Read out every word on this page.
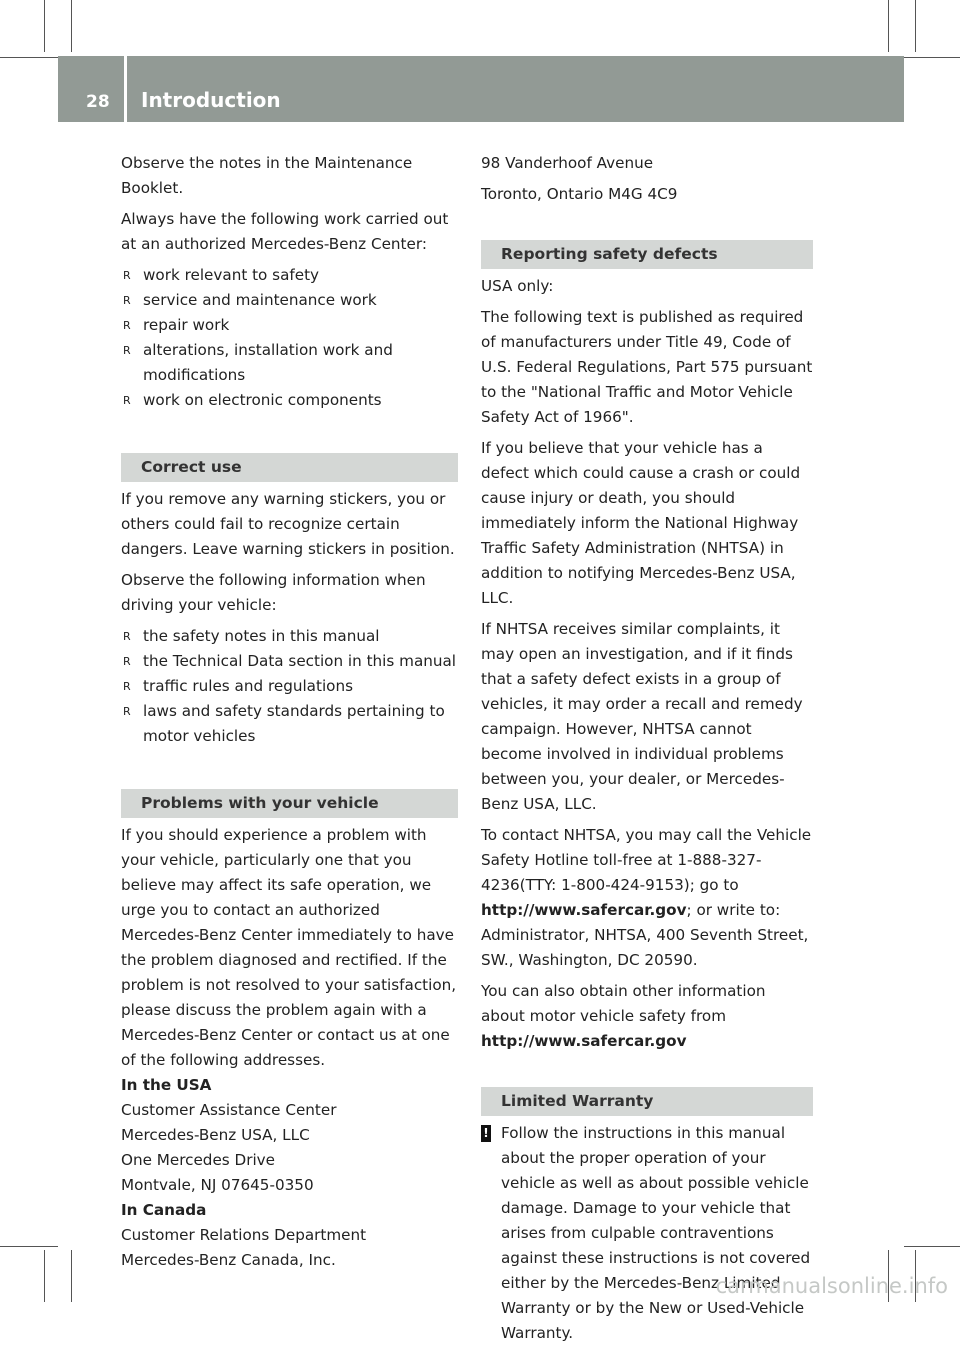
28	Introduction

Observe the notes in the Maintenance Booklet.

Always have the following work carried out at an authorized Mercedes-Benz Center:

R work relevant to safety
R service and maintenance work
R repair work
R alterations, installation work and modifications
R work on electronic components
Correct use

If you remove any warning stickers, you or others could fail to recognize certain dangers. Leave warning stickers in position.

Observe the following information when driving your vehicle:

R the safety notes in this manual
R the Technical Data section in this manual
R traffic rules and regulations
R laws and safety standards pertaining to motor vehicles
Problems with your vehicle

If you should experience a problem with your vehicle, particularly one that you believe may affect its safe operation, we urge you to contact an authorized Mercedes-Benz Center immediately to have the problem diagnosed and rectified. If the problem is not resolved to your satisfaction, please discuss the problem again with a Mercedes-Benz Center or contact us at one of the following addresses.

In the USA

Customer Assistance Center

Mercedes-Benz USA, LLC

One Mercedes Drive

Montvale, NJ 07645-0350

In Canada

Customer Relations Department

Mercedes-Benz Canada, Inc.

98 Vanderhoof Avenue

Toronto, Ontario M4G 4C9

Reporting safety defects

USA only:

The following text is published as required of manufacturers under Title 49, Code of U.S. Federal Regulations, Part 575 pursuant to the "National Traffic and Motor Vehicle Safety Act of 1966".

If you believe that your vehicle has a defect which could cause a crash or could cause injury or death, you should immediately inform the National Highway Traffic Safety Administration (NHTSA) in addition to notifying Mercedes-Benz USA, LLC.

If NHTSA receives similar complaints, it may open an investigation, and if it finds that a safety defect exists in a group of vehicles, it may order a recall and remedy campaign. However, NHTSA cannot become involved in individual problems between you, your dealer, or Mercedes-Benz USA, LLC.

To contact NHTSA, you may call the Vehicle Safety Hotline toll-free at 1-888-327-4236(TTY: 1-800-424-9153); go to http://www.safercar.gov; or write to: Administrator, NHTSA, 400 Seventh Street, SW., Washington, DC 20590.

You can also obtain other information about motor vehicle safety from

http://www.safercar.gov

Limited Warranty
! Follow the instructions in this manual about the proper operation of your vehicle as well as about possible vehicle damage. Damage to your vehicle that arises from culpable contraventions against these instructions is not covered either by the Mercedes-Benz Limited Warranty or by the New or Used-Vehicle Warranty.
carmanualsonline.info
